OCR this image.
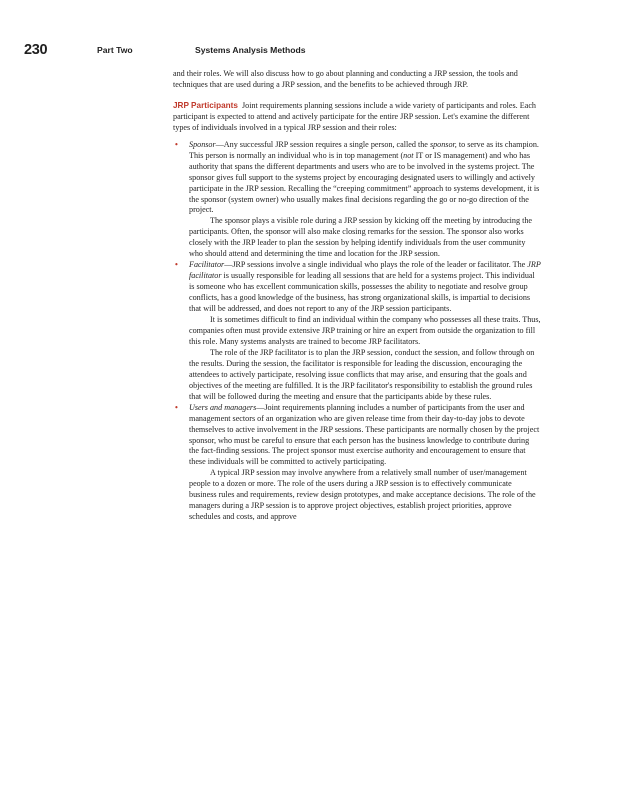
230	Part Two	Systems Analysis Methods

and their roles. We will also discuss how to go about planning and conducting a JRP session, the tools and techniques that are used during a JRP session, and the benefits to be achieved through JRP.

JRP Participants Joint requirements planning sessions include a wide variety of participants and roles. Each participant is expected to attend and actively participate for the entire JRP session. Let's examine the different types of individuals involved in a typical JRP session and their roles:

• Sponsor—Any successful JRP session requires a single person, called the sponsor, to serve as its champion. This person is normally an individual who is in top management (not IT or IS management) and who has authority that spans the different departments and users who are to be involved in the systems project. The sponsor gives full support to the systems project by encouraging designated users to willingly and actively participate in the JRP session. Recalling the “creeping commitment” approach to systems development, it is the sponsor (system owner) who usually makes final decisions regarding the go or no-go direction of the project.

The sponsor plays a visible role during a JRP session by kicking off the meeting by introducing the participants. Often, the sponsor will also make closing remarks for the session. The sponsor also works closely with the JRP leader to plan the session by helping identify individuals from the user community who should attend and determining the time and location for the JRP session.

• Facilitator—JRP sessions involve a single individual who plays the role of the leader or facilitator. The JRP facilitator is usually responsible for leading all sessions that are held for a systems project. This individual is someone who has excellent communication skills, possesses the ability to negotiate and resolve group conflicts, has a good knowledge of the business, has strong organizational skills, is impartial to decisions that will be addressed, and does not report to any of the JRP session participants.

It is sometimes difficult to find an individual within the company who possesses all these traits. Thus, companies often must provide extensive JRP training or hire an expert from outside the organization to fill this role. Many systems analysts are trained to become JRP facilitators.

The role of the JRP facilitator is to plan the JRP session, conduct the session, and follow through on the results. During the session, the facilitator is responsible for leading the discussion, encouraging the attendees to actively participate, resolving issue conflicts that may arise, and ensuring that the goals and objectives of the meeting are fulfilled. It is the JRP facilitator's responsibility to establish the ground rules that will be followed during the meeting and ensure that the participants abide by these rules.

• Users and managers—Joint requirements planning includes a number of participants from the user and management sectors of an organization who are given release time from their day-to-day jobs to devote themselves to active involvement in the JRP sessions. These participants are normally chosen by the project sponsor, who must be careful to ensure that each person has the business knowledge to contribute during the fact-finding sessions. The project sponsor must exercise authority and encouragement to ensure that these individuals will be committed to actively participating.

A typical JRP session may involve anywhere from a relatively small number of user/management people to a dozen or more. The role of the users during a JRP session is to effectively communicate business rules and requirements, review design prototypes, and make acceptance decisions. The role of the managers during a JRP session is to approve project objectives, establish project priorities, approve schedules and costs, and approve
